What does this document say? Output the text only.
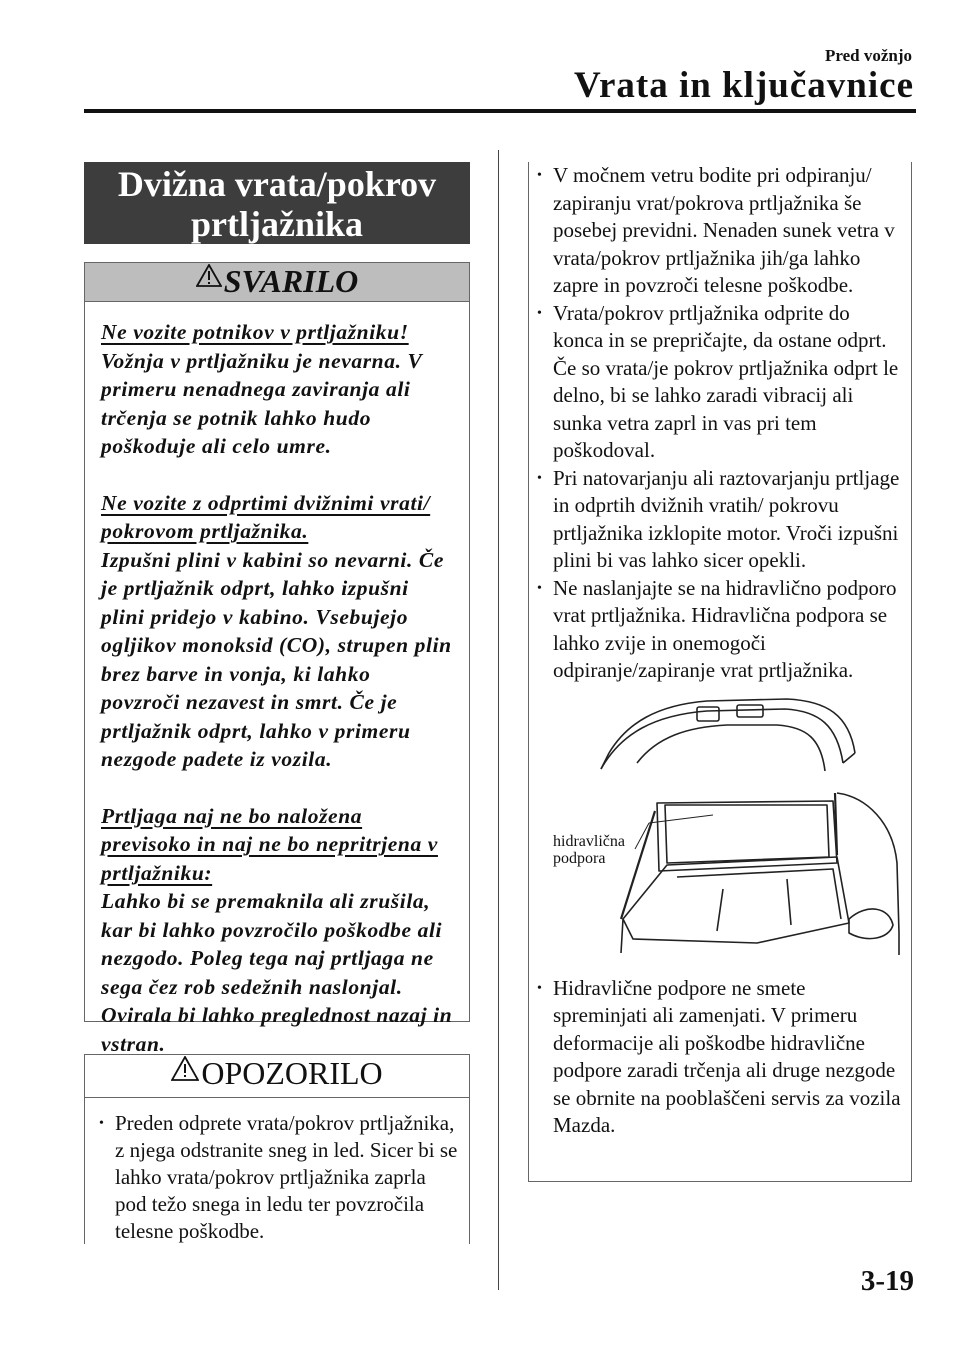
Pred vožnjo
Vrata in ključavnice
Dvižna vrata/pokrov
prtljažnika
SVARILO
Ne vozite potnikov v prtljažniku!
Vožnja v prtljažniku je nevarna. V primeru nenadnega zaviranja ali trčenja se potnik lahko hudo poškoduje ali celo umre.
Ne vozite z odprtimi dvižnimi vrati/ pokrovom prtljažnika.
Izpušni plini v kabini so nevarni. Če je prtljažnik odprt, lahko izpušni plini pridejo v kabino. Vsebujejo ogljikov monoksid (CO), strupen plin brez barve in vonja, ki lahko povzroči nezavest in smrt. Če je prtljažnik odprt, lahko v primeru nezgode padete iz vozila.
Prtljaga naj ne bo naložena previsoko in naj ne bo nepritrjena v prtljažniku:
Lahko bi se premaknila ali zrušila, kar bi lahko povzročilo poškodbe ali nezgodo. Poleg tega naj prtljaga ne sega čez rob sedežnih naslonjal. Ovirala bi lahko preglednost nazaj in vstran.
OPOZORILO
• Preden odprete vrata/pokrov prtljažnika, z njega odstranite sneg in led. Sicer bi se lahko vrata/pokrov prtljažnika zaprla pod težo snega in ledu ter povzročila telesne poškodbe.
• V močnem vetru bodite pri odpiranju/ zapiranju vrat/pokrova prtljažnika še posebej previdni. Nenaden sunek vetra v vrata/pokrov prtljažnika jih/ga lahko zapre in povzroči telesne poškodbe.
• Vrata/pokrov prtljažnika odprite do konca in se prepričajte, da ostane odprt. Če so vrata/je pokrov prtljažnika odprt le delno, bi se lahko zaradi vibracij ali sunka vetra zaprl in vas pri tem poškodoval.
• Pri natovarjanju ali raztovarjanju prtljage in odprtih dvižnih vratih/ pokrovu prtljažnika izklopite motor. Vroči izpušni plini bi vas lahko sicer opekli.
• Ne naslanjajte se na hidravlično podporo vrat prtljažnika. Hidravlična podpora se lahko zvije in onemogoči odpiranje/zapiranje vrat prtljažnika.
hidravlična
podpora
• Hidravlične podpore ne smete spreminjati ali zamenjati. V primeru deformacije ali poškodbe hidravlične podpore zaradi trčenja ali druge nezgode se obrnite na pooblaščeni servis za vozila Mazda.
3-19
